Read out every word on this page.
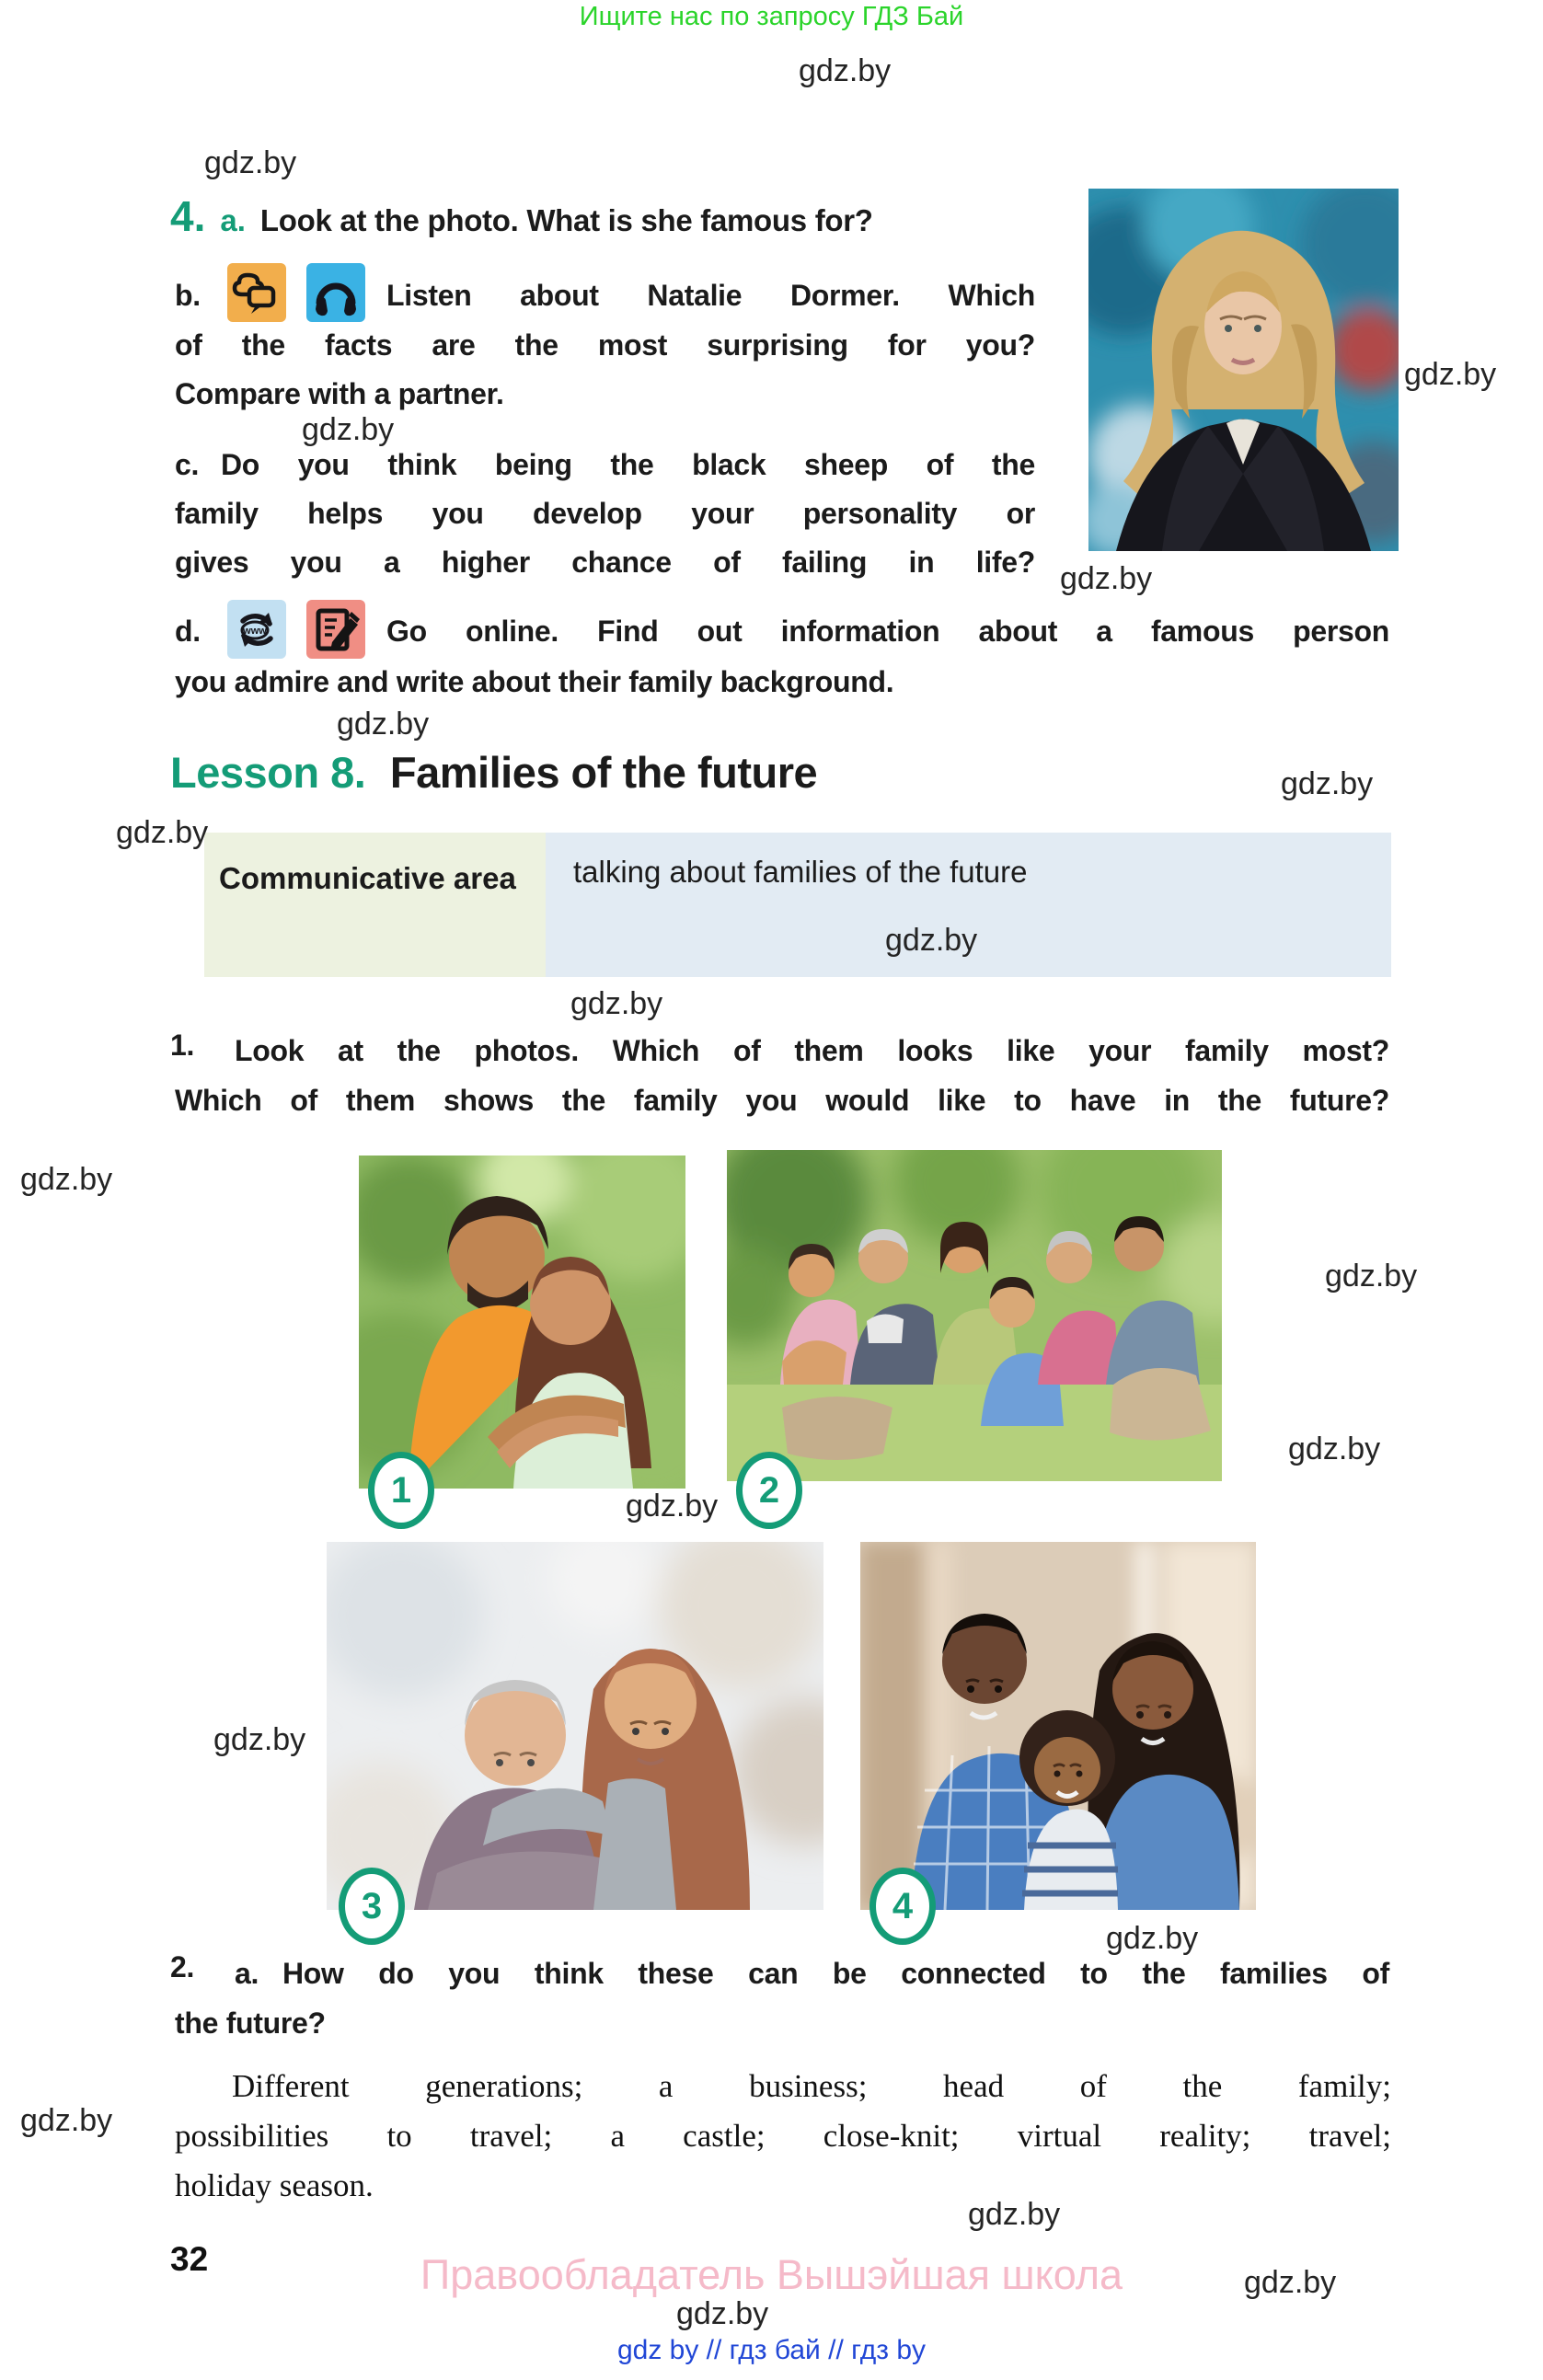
Ищите нас по запросу ГДЗ Бай
4. a. Look at the photo. What is she famous for?
b.	Listen about Natalie Dormer. Which
of the facts are the most surprising for you?
Compare with a partner.
c. Do you think being the black sheep of the
family helps you develop your personality or
gives you a higher chance of failing in life?
d.	www	Go online. Find out information about a famous person
you admire and write about their family background.
Lesson 8. Families of the future
Communicative area	talking about families of the future
1. Look at the photos. Which of them looks like your family most?
Which of them shows the family you would like to have in the future?
1	2
3	4
2. a. How do you think these can be connected to the families of
the future?
Different generations; a business; head of the family;
possibilities to travel; a castle; close-knit; virtual reality; travel;
holiday season.
32	Правообладатель Вышэйшая школа
gdz by // гдз бай // гдз by
gdz.by
gdz.by
gdz.by
gdz.by
gdz.by
gdz.by
gdz.by
gdz.by
gdz.by
gdz.by
gdz.by
gdz.by
gdz.by
gdz.by
gdz.by
gdz.by
gdz.by
gdz.by
gdz.by
gdz.by
